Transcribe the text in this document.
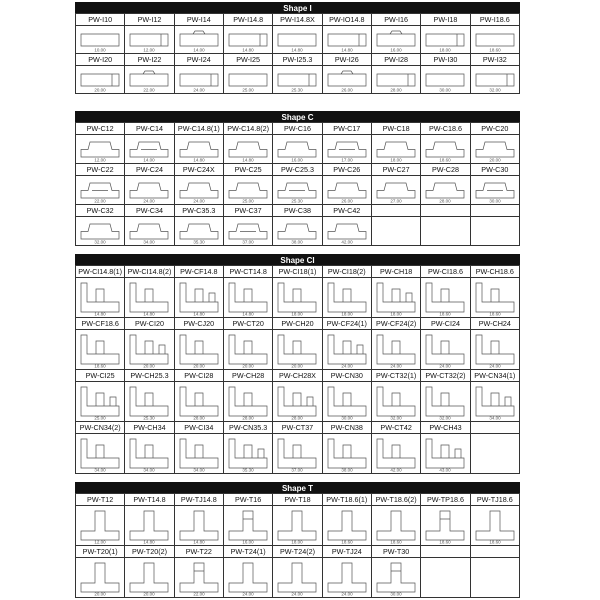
Shape I
PW-I10	PW-I12	PW-I14	PW-I14.8	PW-I14.8X	PW-IO14.8	PW-I16	PW-I18	PW-I18.6

10.00	12.00	14.00	14.80	14.80	14.80	16.00	18.00	18.60

PW-I20	PW-I22	PW-I24	PW-I25	PW-I25.3	PW-I26	PW-I28	PW-I30	PW-I32

20.00	22.00	24.00	25.00	25.30	26.00	28.00	30.00	32.00
Shape C
PW-C12	PW-C14	PW-C14.8(1)	PW-C14.8(2)	PW-C16	PW-C17	PW-C18	PW-C18.6	PW-C20

12.00	14.00	14.80	14.80	16.00	17.00	18.00	18.60	20.00

PW-C22	PW-C24	PW-C24X	PW-C25	PW-C25.3	PW-C26	PW-C27	PW-C28	PW-C30

22.00	24.00	24.00	25.00	25.30	26.00	27.00	28.00	30.00

PW-C32	PW-C34	PW-C35.3	PW-C37	PW-C38	PW-C42			

32.00	34.00	35.30	37.00	38.00	42.00			

Shape CI
PW-CI14.8(1)	PW-CI14.8(2)	PW-CF14.8	PW-CT14.8	PW-CI18(1)	PW-CI18(2)	PW-CH18	PW-CI18.6	PW-CH18.6

14.80	14.80	14.80	14.80	18.00	18.00	18.00	18.60	18.60

PW-CF18.6	PW-CI20	PW-CJ20	PW-CT20	PW-CH20	PW-CF24(1)	PW-CF24(2)	PW-CI24	PW-CH24

18.60	20.00	20.00	20.00	20.00	24.00	24.00	24.00	24.00

PW-CI25	PW-CH25.3	PW-CI28	PW-CH28	PW-CH28X	PW-CN30	PW-CT32(1)	PW-CT32(2)	PW-CN34(1)

25.00	25.30	28.00	28.00	28.00	30.00	32.00	32.00	34.00

PW-CN34(2)	PW-CH34	PW-CI34	PW-CN35.3	PW-CT37	PW-CN38	PW-CT42	PW-CH43	

34.00	34.00	34.00	35.30	37.00	38.00	42.00	43.00	

Shape T
PW-T12	PW-T14.8	PW-TJ14.8	PW-T16	PW-T18	PW-T18.6(1)	PW-T18.6(2)	PW-TP18.6	PW-TJ18.6

12.00	14.80	14.80	16.00	18.00	18.60	18.60	18.60	18.60

PW-T20(1)	PW-T20(2)	PW-T22	PW-T24(1)	PW-T24(2)	PW-TJ24	PW-T30		

20.00	20.00	22.00	24.00	24.00	24.00	30.00		
